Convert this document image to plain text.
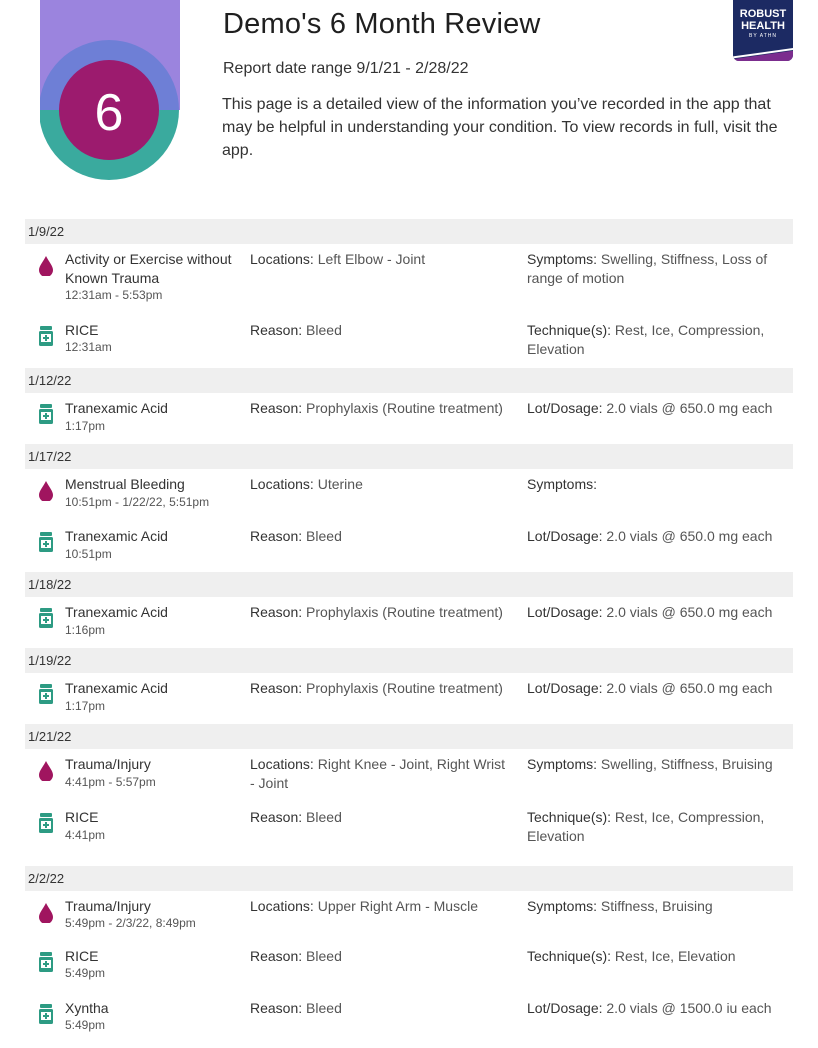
6
Demo's 6 Month Review
Report date range 9/1/21 - 2/28/22
This page is a detailed view of the information you’ve recorded in the app that may be helpful in understanding your condition. To view records in full, visit the app.
ROBUST
HEALTH
BY ATHN
1/9/22
Activity or Exercise without Known Trauma
12:31am - 5:53pm
Locations: Left Elbow - Joint	Symptoms: Swelling, Stiffness, Loss of range of motion
RICE
12:31am
Reason: Bleed	Technique(s): Rest, Ice, Compression, Elevation
1/12/22
Tranexamic Acid
1:17pm
Reason: Prophylaxis (Routine treatment) Lot/Dosage: 2.0 vials @ 650.0 mg each
1/17/22
Menstrual Bleeding
10:51pm - 1/22/22, 5:51pm
Locations: Uterine	Symptoms:
Tranexamic Acid
10:51pm
Reason: Bleed	Lot/Dosage: 2.0 vials @ 650.0 mg each
1/18/22
Tranexamic Acid
1:16pm
Reason: Prophylaxis (Routine treatment) Lot/Dosage: 2.0 vials @ 650.0 mg each
1/19/22
Tranexamic Acid
1:17pm
Reason: Prophylaxis (Routine treatment) Lot/Dosage: 2.0 vials @ 650.0 mg each
1/21/22
Trauma/Injury
4:41pm - 5:57pm
Locations: Right Knee - Joint, Right Wrist - Joint
Symptoms: Swelling, Stiffness, Bruising
RICE
4:41pm
Reason: Bleed	Technique(s): Rest, Ice, Compression, Elevation
2/2/22
Trauma/Injury
5:49pm - 2/3/22, 8:49pm
Locations: Upper Right Arm - Muscle	Symptoms: Stiffness, Bruising
RICE
5:49pm
Reason: Bleed	Technique(s): Rest, Ice, Elevation
Xyntha
5:49pm
Reason: Bleed	Lot/Dosage: 2.0 vials @ 1500.0 iu each
